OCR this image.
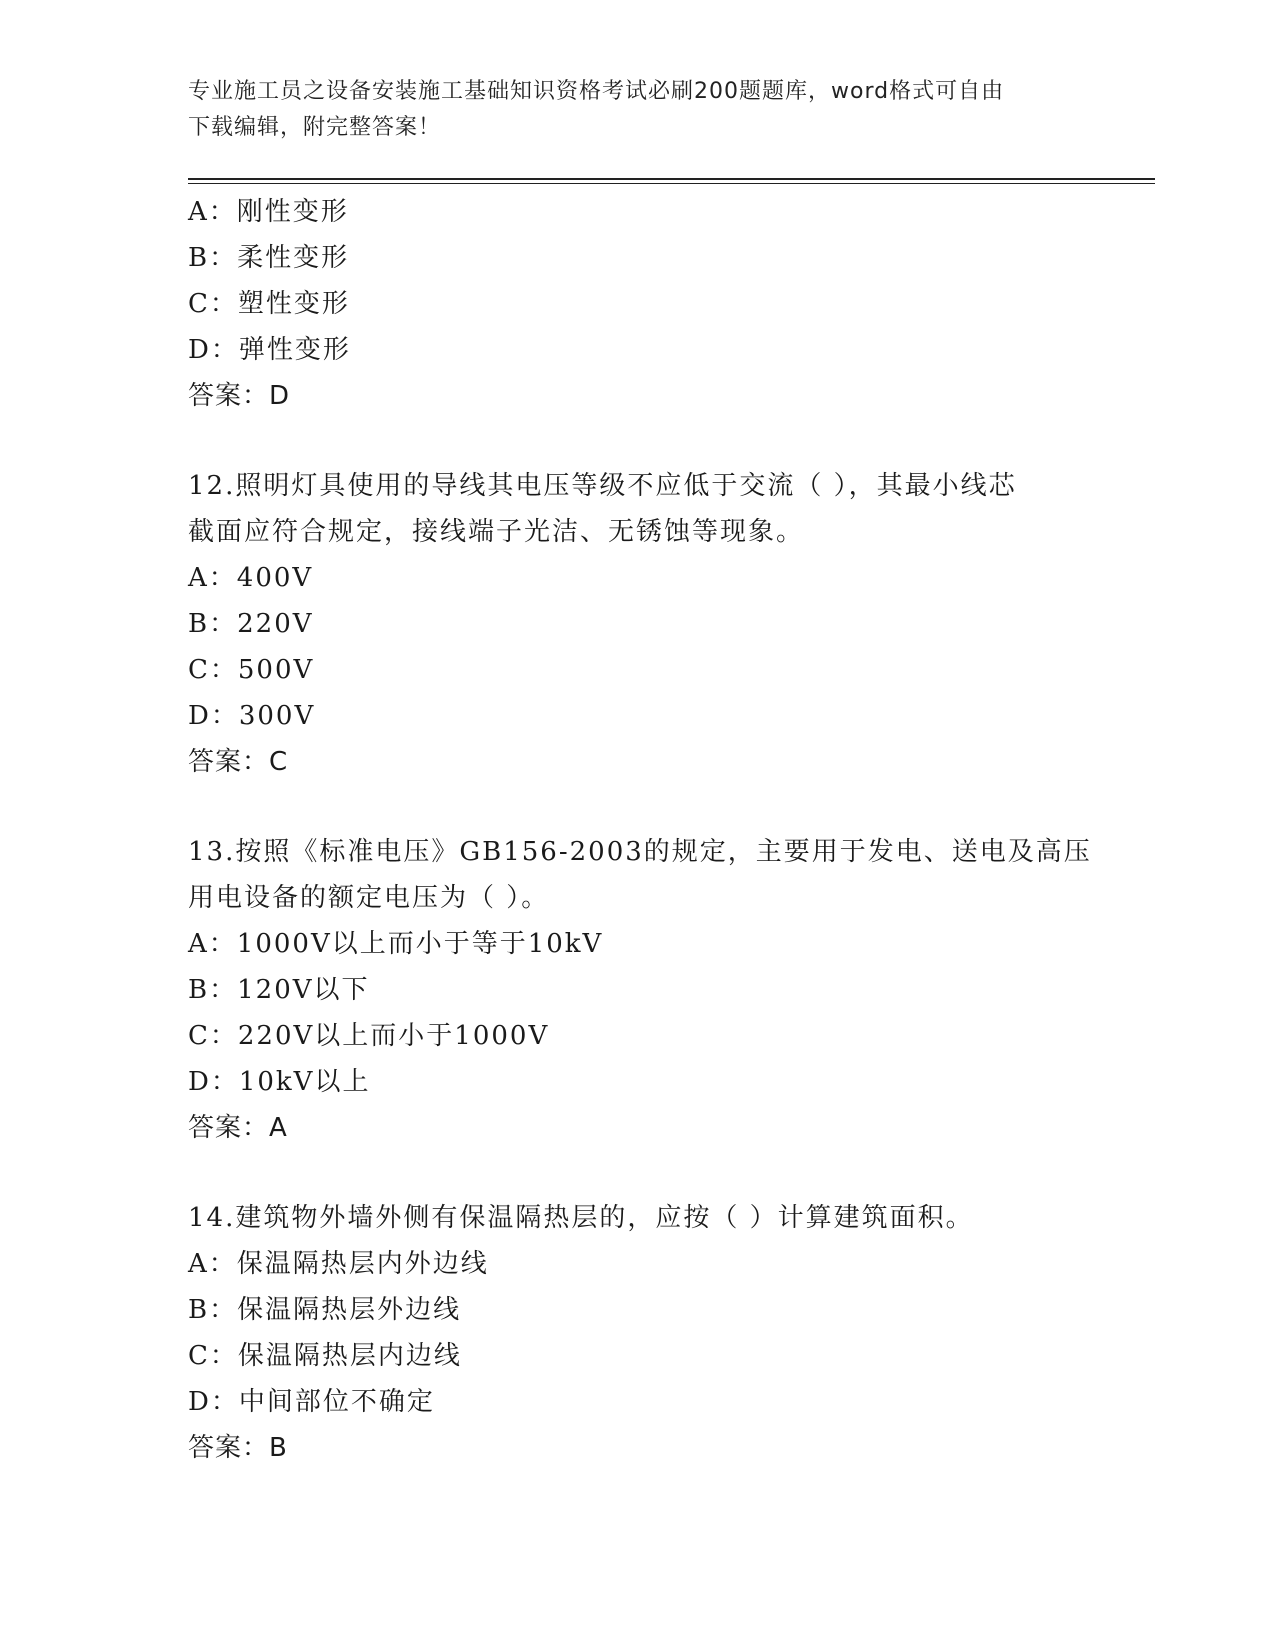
专业施工员之设备安装施工基础知识资格考试必刷200题题库，word格式可自由
下载编辑，附完整答案！
A：刚性变形
B：柔性变形
C：塑性变形
D：弹性变形
答案：D
12.照明灯具使用的导线其电压等级不应低于交流（ ），其最小线芯
截面应符合规定，接线端子光洁、无锈蚀等现象。
A：400V
B：220V
C：500V
D：300V
答案：C
13.按照《标准电压》GB156-2003的规定，主要用于发电、送电及高压
用电设备的额定电压为（ ）。
A：1000V以上而小于等于10kV
B：120V以下
C：220V以上而小于1000V
D：10kV以上
答案：A
14.建筑物外墙外侧有保温隔热层的，应按（ ）计算建筑面积。
A：保温隔热层内外边线
B：保温隔热层外边线
C：保温隔热层内边线
D：中间部位不确定
答案：B
